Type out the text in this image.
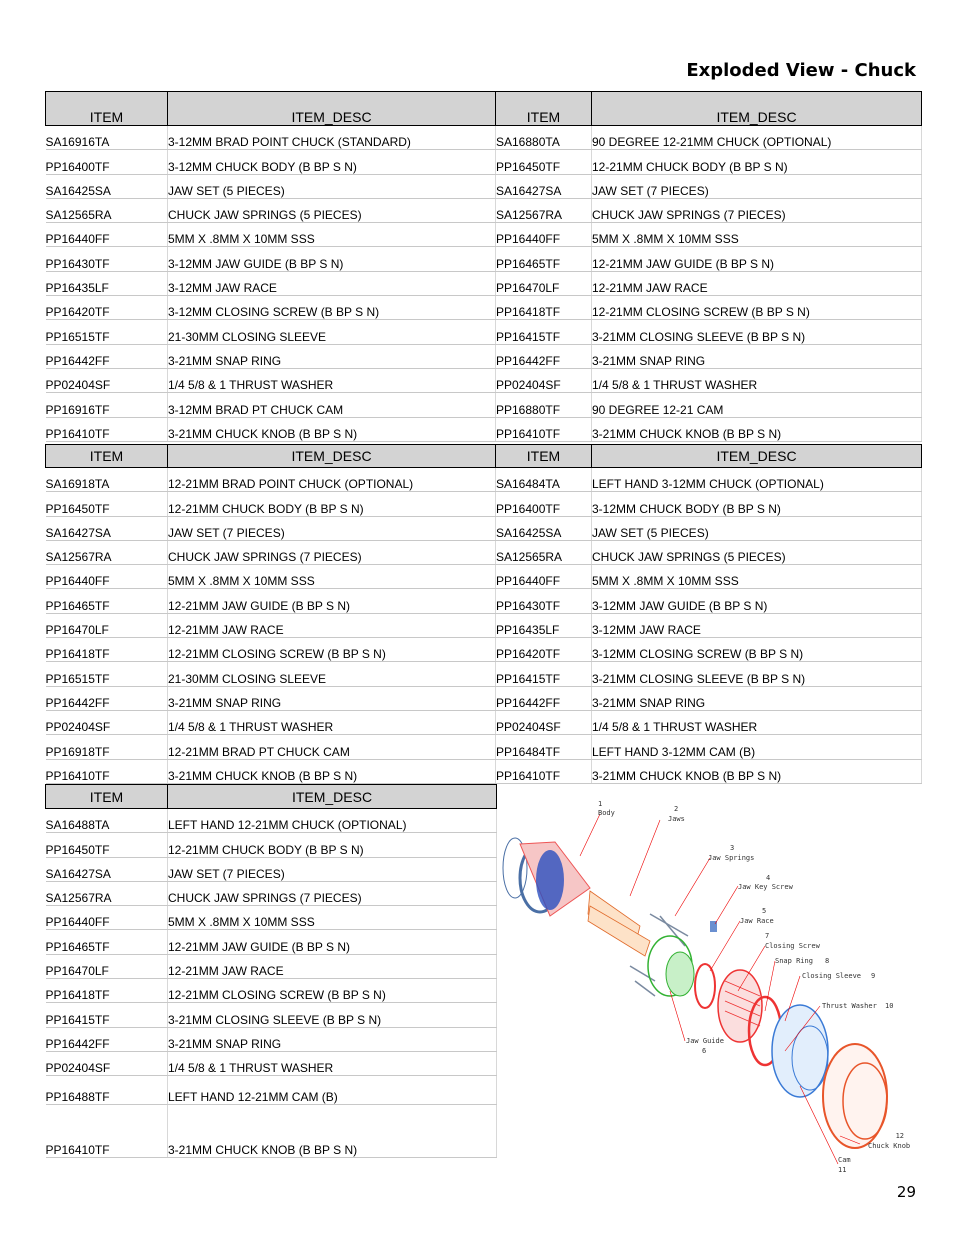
Exploded View - Chuck
ITEM	ITEM_DESC	ITEM	ITEM_DESC
SA16916TA	3-12MM BRAD POINT CHUCK (STANDARD)	SA16880TA	90 DEGREE 12-21MM CHUCK (OPTIONAL)
PP16400TF	3-12MM CHUCK BODY (B BP S N)	PP16450TF	12-21MM CHUCK BODY (B BP S N)
SA16425SA	JAW SET (5 PIECES)	SA16427SA	JAW SET (7 PIECES)
SA12565RA	CHUCK JAW SPRINGS (5 PIECES)	SA12567RA	CHUCK JAW SPRINGS (7 PIECES)
PP16440FF	5MM X .8MM X 10MM SSS	PP16440FF	5MM X .8MM X 10MM SSS
PP16430TF	3-12MM JAW GUIDE (B BP S N)	PP16465TF	12-21MM JAW GUIDE (B BP S N)
PP16435LF	3-12MM JAW RACE	PP16470LF	12-21MM JAW RACE
PP16420TF	3-12MM CLOSING SCREW (B BP S N)	PP16418TF	12-21MM CLOSING SCREW (B BP S N)
PP16515TF	21-30MM CLOSING SLEEVE	PP16415TF	3-21MM CLOSING SLEEVE (B BP S N)
PP16442FF	3-21MM SNAP RING	PP16442FF	3-21MM SNAP RING
PP02404SF	1/4 5/8 & 1 THRUST WASHER	PP02404SF	1/4 5/8 & 1 THRUST WASHER
PP16916TF	3-12MM BRAD PT CHUCK CAM	PP16880TF	90 DEGREE 12-21 CAM
PP16410TF	3-21MM CHUCK KNOB (B BP S N)	PP16410TF	3-21MM CHUCK KNOB (B BP S N)
ITEM	ITEM_DESC	ITEM	ITEM_DESC
SA16918TA	12-21MM BRAD POINT CHUCK (OPTIONAL)	SA16484TA	LEFT HAND 3-12MM CHUCK (OPTIONAL)
PP16450TF	12-21MM CHUCK BODY (B BP S N)	PP16400TF	3-12MM CHUCK BODY (B BP S N)
SA16427SA	JAW SET (7 PIECES)	SA16425SA	JAW SET (5 PIECES)
SA12567RA	CHUCK JAW SPRINGS (7 PIECES)	SA12565RA	CHUCK JAW SPRINGS (5 PIECES)
PP16440FF	5MM X .8MM X 10MM SSS	PP16440FF	5MM X .8MM X 10MM SSS
PP16465TF	12-21MM JAW GUIDE (B BP S N)	PP16430TF	3-12MM JAW GUIDE (B BP S N)
PP16470LF	12-21MM JAW RACE	PP16435LF	3-12MM JAW RACE
PP16418TF	12-21MM CLOSING SCREW (B BP S N)	PP16420TF	3-12MM CLOSING SCREW (B BP S N)
PP16515TF	21-30MM CLOSING SLEEVE	PP16415TF	3-21MM CLOSING SLEEVE (B BP S N)
PP16442FF	3-21MM SNAP RING	PP16442FF	3-21MM SNAP RING
PP02404SF	1/4 5/8 & 1 THRUST WASHER	PP02404SF	1/4 5/8 & 1 THRUST WASHER
PP16918TF	12-21MM BRAD PT CHUCK CAM	PP16484TF	LEFT HAND 3-12MM CAM (B)
PP16410TF	3-21MM CHUCK KNOB (B BP S N)	PP16410TF	3-21MM CHUCK KNOB (B BP S N)
ITEM	ITEM_DESC
SA16488TA	LEFT HAND 12-21MM CHUCK (OPTIONAL)
PP16450TF	12-21MM CHUCK BODY (B BP S N)
SA16427SA	JAW SET (7 PIECES)
SA12567RA	CHUCK JAW SPRINGS (7 PIECES)
PP16440FF	5MM X .8MM X 10MM SSS
PP16465TF	12-21MM JAW GUIDE (B BP S N)
PP16470LF	12-21MM JAW RACE
PP16418TF	12-21MM CLOSING SCREW (B BP S N)
PP16415TF	3-21MM CLOSING SLEEVE (B BP S N)
PP16442FF	3-21MM SNAP RING
PP02404SF	1/4 5/8 & 1 THRUST WASHER
PP16488TF	LEFT HAND 12-21MM CAM (B)
PP16410TF	3-21MM CHUCK KNOB (B BP S N)
1
Body	2
Jaws
3
Jaw Springs
4
Jaw Key Screw
5
Jaw Race
7
Closing Screw
Snap Ring 8
Closing Sleeve 9
Thrust Washer 10
Jaw Guide
6
12
Chuck Knob
Cam
11
29
